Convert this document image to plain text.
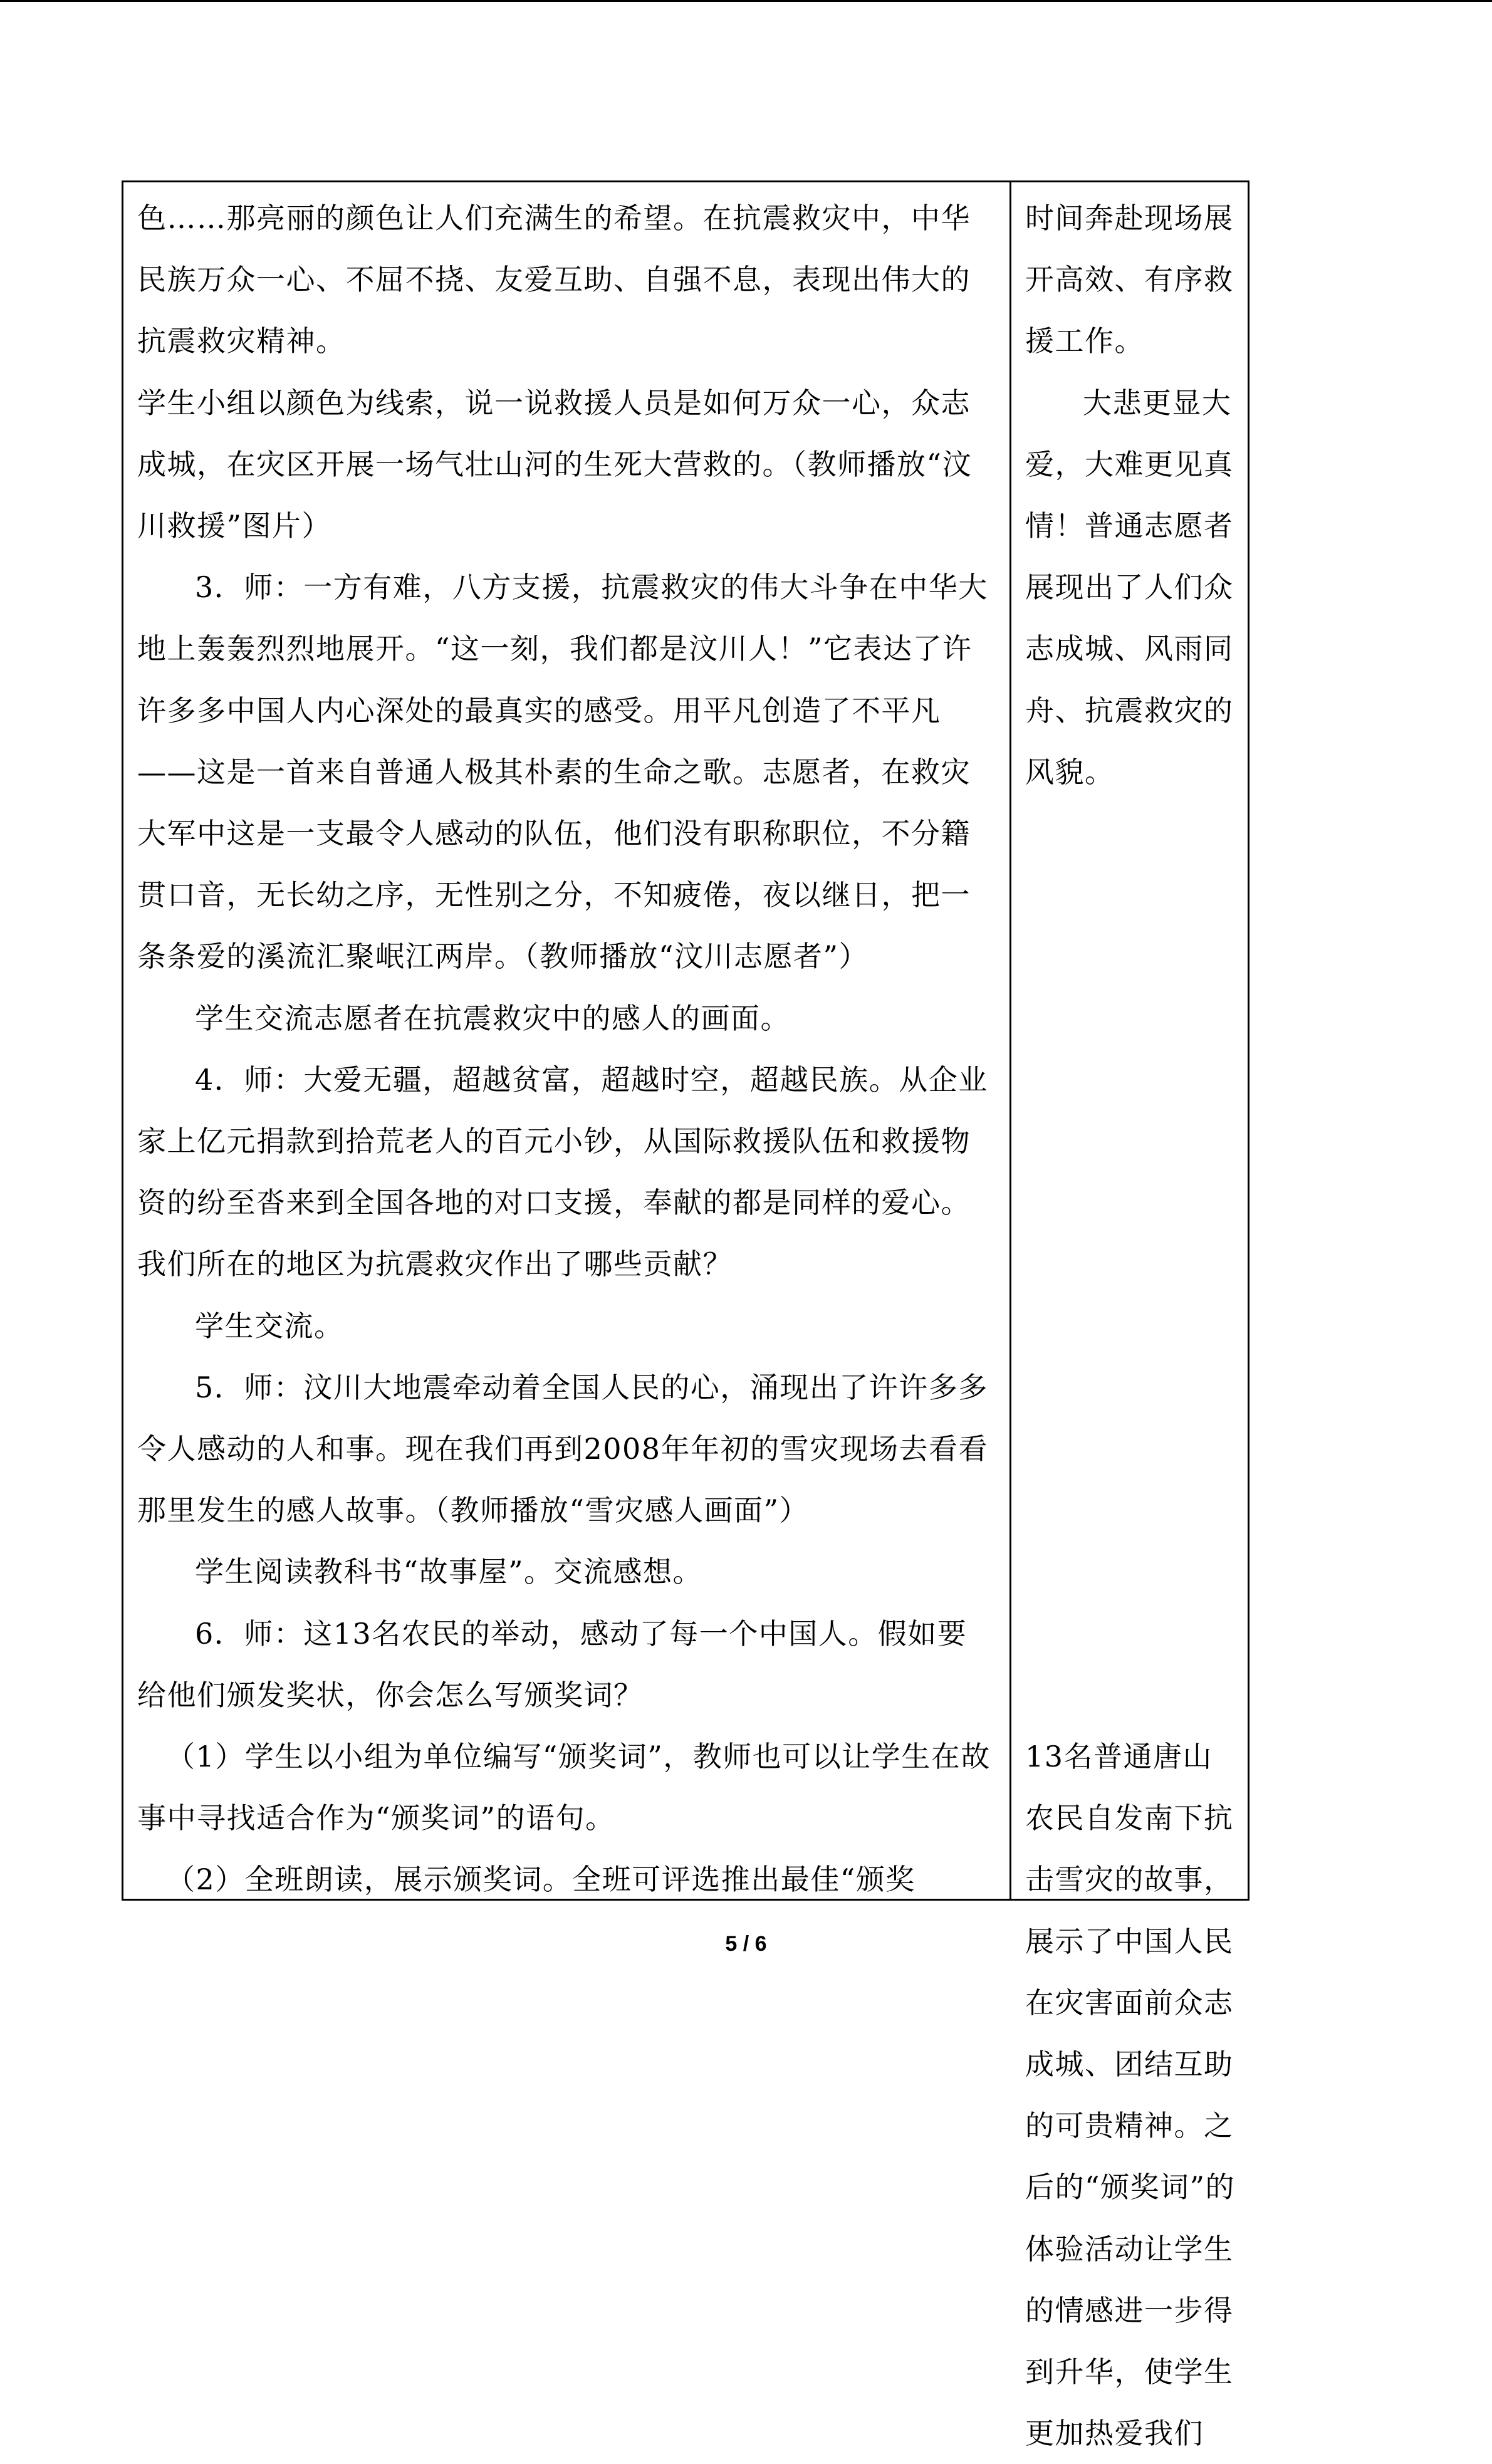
色……那亮丽的颜色让人们充满生的希望。在抗震救灾中，中华民族万众一心、不屈不挠、友爱互助、自强不息，表现出伟大的抗震救灾精神。

学生小组以颜色为线索，说一说救援人员是如何万众一心，众志成城，在灾区开展一场气壮山河的生死大营救的。（教师播放“汶川救援”图片）

3．师：一方有难，八方支援，抗震救灾的伟大斗争在中华大地上轰轰烈烈地展开。“这一刻，我们都是汶川人！”它表达了许许多多中国人内心深处的最真实的感受。用平凡创造了不平凡——这是一首来自普通人极其朴素的生命之歌。志愿者，在救灾大军中这是一支最令人感动的队伍，他们没有职称职位，不分籍贯口音，无长幼之序，无性别之分，不知疲倦，夜以继日，把一条条爱的溪流汇聚岷江两岸。（教师播放“汶川志愿者”）

学生交流志愿者在抗震救灾中的感人的画面。

4．师：大爱无疆，超越贫富，超越时空，超越民族。从企业家上亿元捐款到拾荒老人的百元小钞，从国际救援队伍和救援物资的纷至沓来到全国各地的对口支援，奉献的都是同样的爱心。我们所在的地区为抗震救灾作出了哪些贡献？

学生交流。

5．师：汶川大地震牵动着全国人民的心，涌现出了许许多多令人感动的人和事。现在我们再到2008年年初的雪灾现场去看看那里发生的感人故事。（教师播放“雪灾感人画面”）

学生阅读教科书“故事屋”。交流感想。

6．师：这13名农民的举动，感动了每一个中国人。假如要给他们颁发奖状，你会怎么写颁奖词？

（1）学生以小组为单位编写“颁奖词”，教师也可以让学生在故事中寻找适合作为“颁奖词”的语句。

（2）全班朗读，展示颁奖词。全班可评选推出最佳“颁奖

时间奔赴现场展开高效、有序救援工作。

大悲更显大爱，大难更见真情！普通志愿者展现出了人们众志成城、风雨同舟、抗震救灾的风貌。

13名普通唐山农民自发南下抗击雪灾的故事，展示了中国人民在灾害面前众志成城、团结互助的可贵精神。之后的“颁奖词”的体验活动让学生的情感进一步得到升华，使学生更加热爱我们

5 / 6
